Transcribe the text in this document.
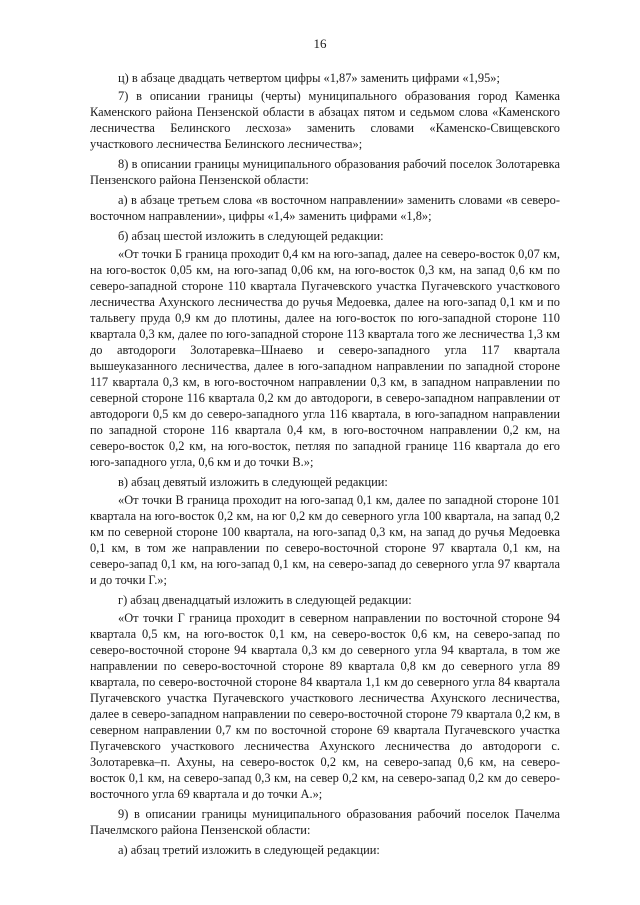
16

ц) в абзаце двадцать четвертом цифры «1,87» заменить цифрами «1,95»;

7) в описании границы (черты) муниципального образования город Каменка Каменского района Пензенской области в абзацах пятом и седьмом слова «Каменского лесничества Белинского лесхоза» заменить словами «Каменско-Свищевского участкового лесничества Белинского лесничества»;

8) в описании границы муниципального образования рабочий поселок Золотаревка Пензенского района Пензенской области:

а) в абзаце третьем слова «в восточном направлении» заменить словами «в северо-восточном направлении», цифры «1,4» заменить цифрами «1,8»;

б) абзац шестой изложить в следующей редакции:

«От точки Б граница проходит 0,4 км на юго-запад, далее на северо-восток 0,07 км, на юго-восток 0,05 км, на юго-запад 0,06 км, на юго-восток 0,3 км, на запад 0,6 км по северо-западной стороне 110 квартала Пугачевского участка Пугачевского участкового лесничества Ахунского лесничества до ручья Медоевка, далее на юго-запад 0,1 км и по тальвегу пруда 0,9 км до плотины, далее на юго-восток по юго-западной стороне 110 квартала 0,3 км, далее по юго-западной стороне 113 квартала того же лесничества 1,3 км до автодороги Золотаревка–Шнаево и северо-западного угла 117 квартала вышеуказанного лесничества, далее в юго-западном направлении по западной стороне 117 квартала 0,3 км, в юго-восточном направлении 0,3 км, в западном направлении по северной стороне 116 квартала 0,2 км до автодороги, в северо-западном направлении от автодороги 0,5 км до северо-западного угла 116 квартала, в юго-западном направлении по западной стороне 116 квартала 0,4 км, в юго-восточном направлении 0,2 км, на северо-восток 0,2 км, на юго-восток, петляя по западной границе 116 квартала до его юго-западного угла, 0,6 км и до точки В.»;

в) абзац девятый изложить в следующей редакции:

«От точки В граница проходит на юго-запад 0,1 км, далее по западной стороне 101 квартала на юго-восток 0,2 км, на юг 0,2 км до северного угла 100 квартала, на запад 0,2 км по северной стороне 100 квартала, на юго-запад 0,3 км, на запад до ручья Медоевка 0,1 км, в том же направлении по северо-восточной стороне 97 квартала 0,1 км, на северо-запад 0,1 км, на юго-запад 0,1 км, на северо-запад до северного угла 97 квартала и до точки Г.»;

г) абзац двенадцатый изложить в следующей редакции:

«От точки Г граница проходит в северном направлении по восточной стороне 94 квартала 0,5 км, на юго-восток 0,1 км, на северо-восток 0,6 км, на северо-запад по северо-восточной стороне 94 квартала 0,3 км до северного угла 94 квартала, в том же направлении по северо-восточной стороне 89 квартала 0,8 км до северного угла 89 квартала, по северо-восточной стороне 84 квартала 1,1 км до северного угла 84 квартала Пугачевского участка Пугачевского участкового лесничества Ахунского лесничества, далее в северо-западном направлении по северо-восточной стороне 79 квартала 0,2 км, в северном направлении 0,7 км по восточной стороне 69 квартала Пугачевского участка Пугачевского участкового лесничества Ахунского лесничества до автодороги с. Золотаревка–п. Ахуны, на северо-восток 0,2 км, на северо-запад 0,6 км, на северо-восток 0,1 км, на северо-запад 0,3 км, на север 0,2 км, на северо-запад 0,2 км до северо-восточного угла 69 квартала и до точки А.»;

9) в описании границы муниципального образования рабочий поселок Пачелма Пачелмского района Пензенской области:

а) абзац третий изложить в следующей редакции:
